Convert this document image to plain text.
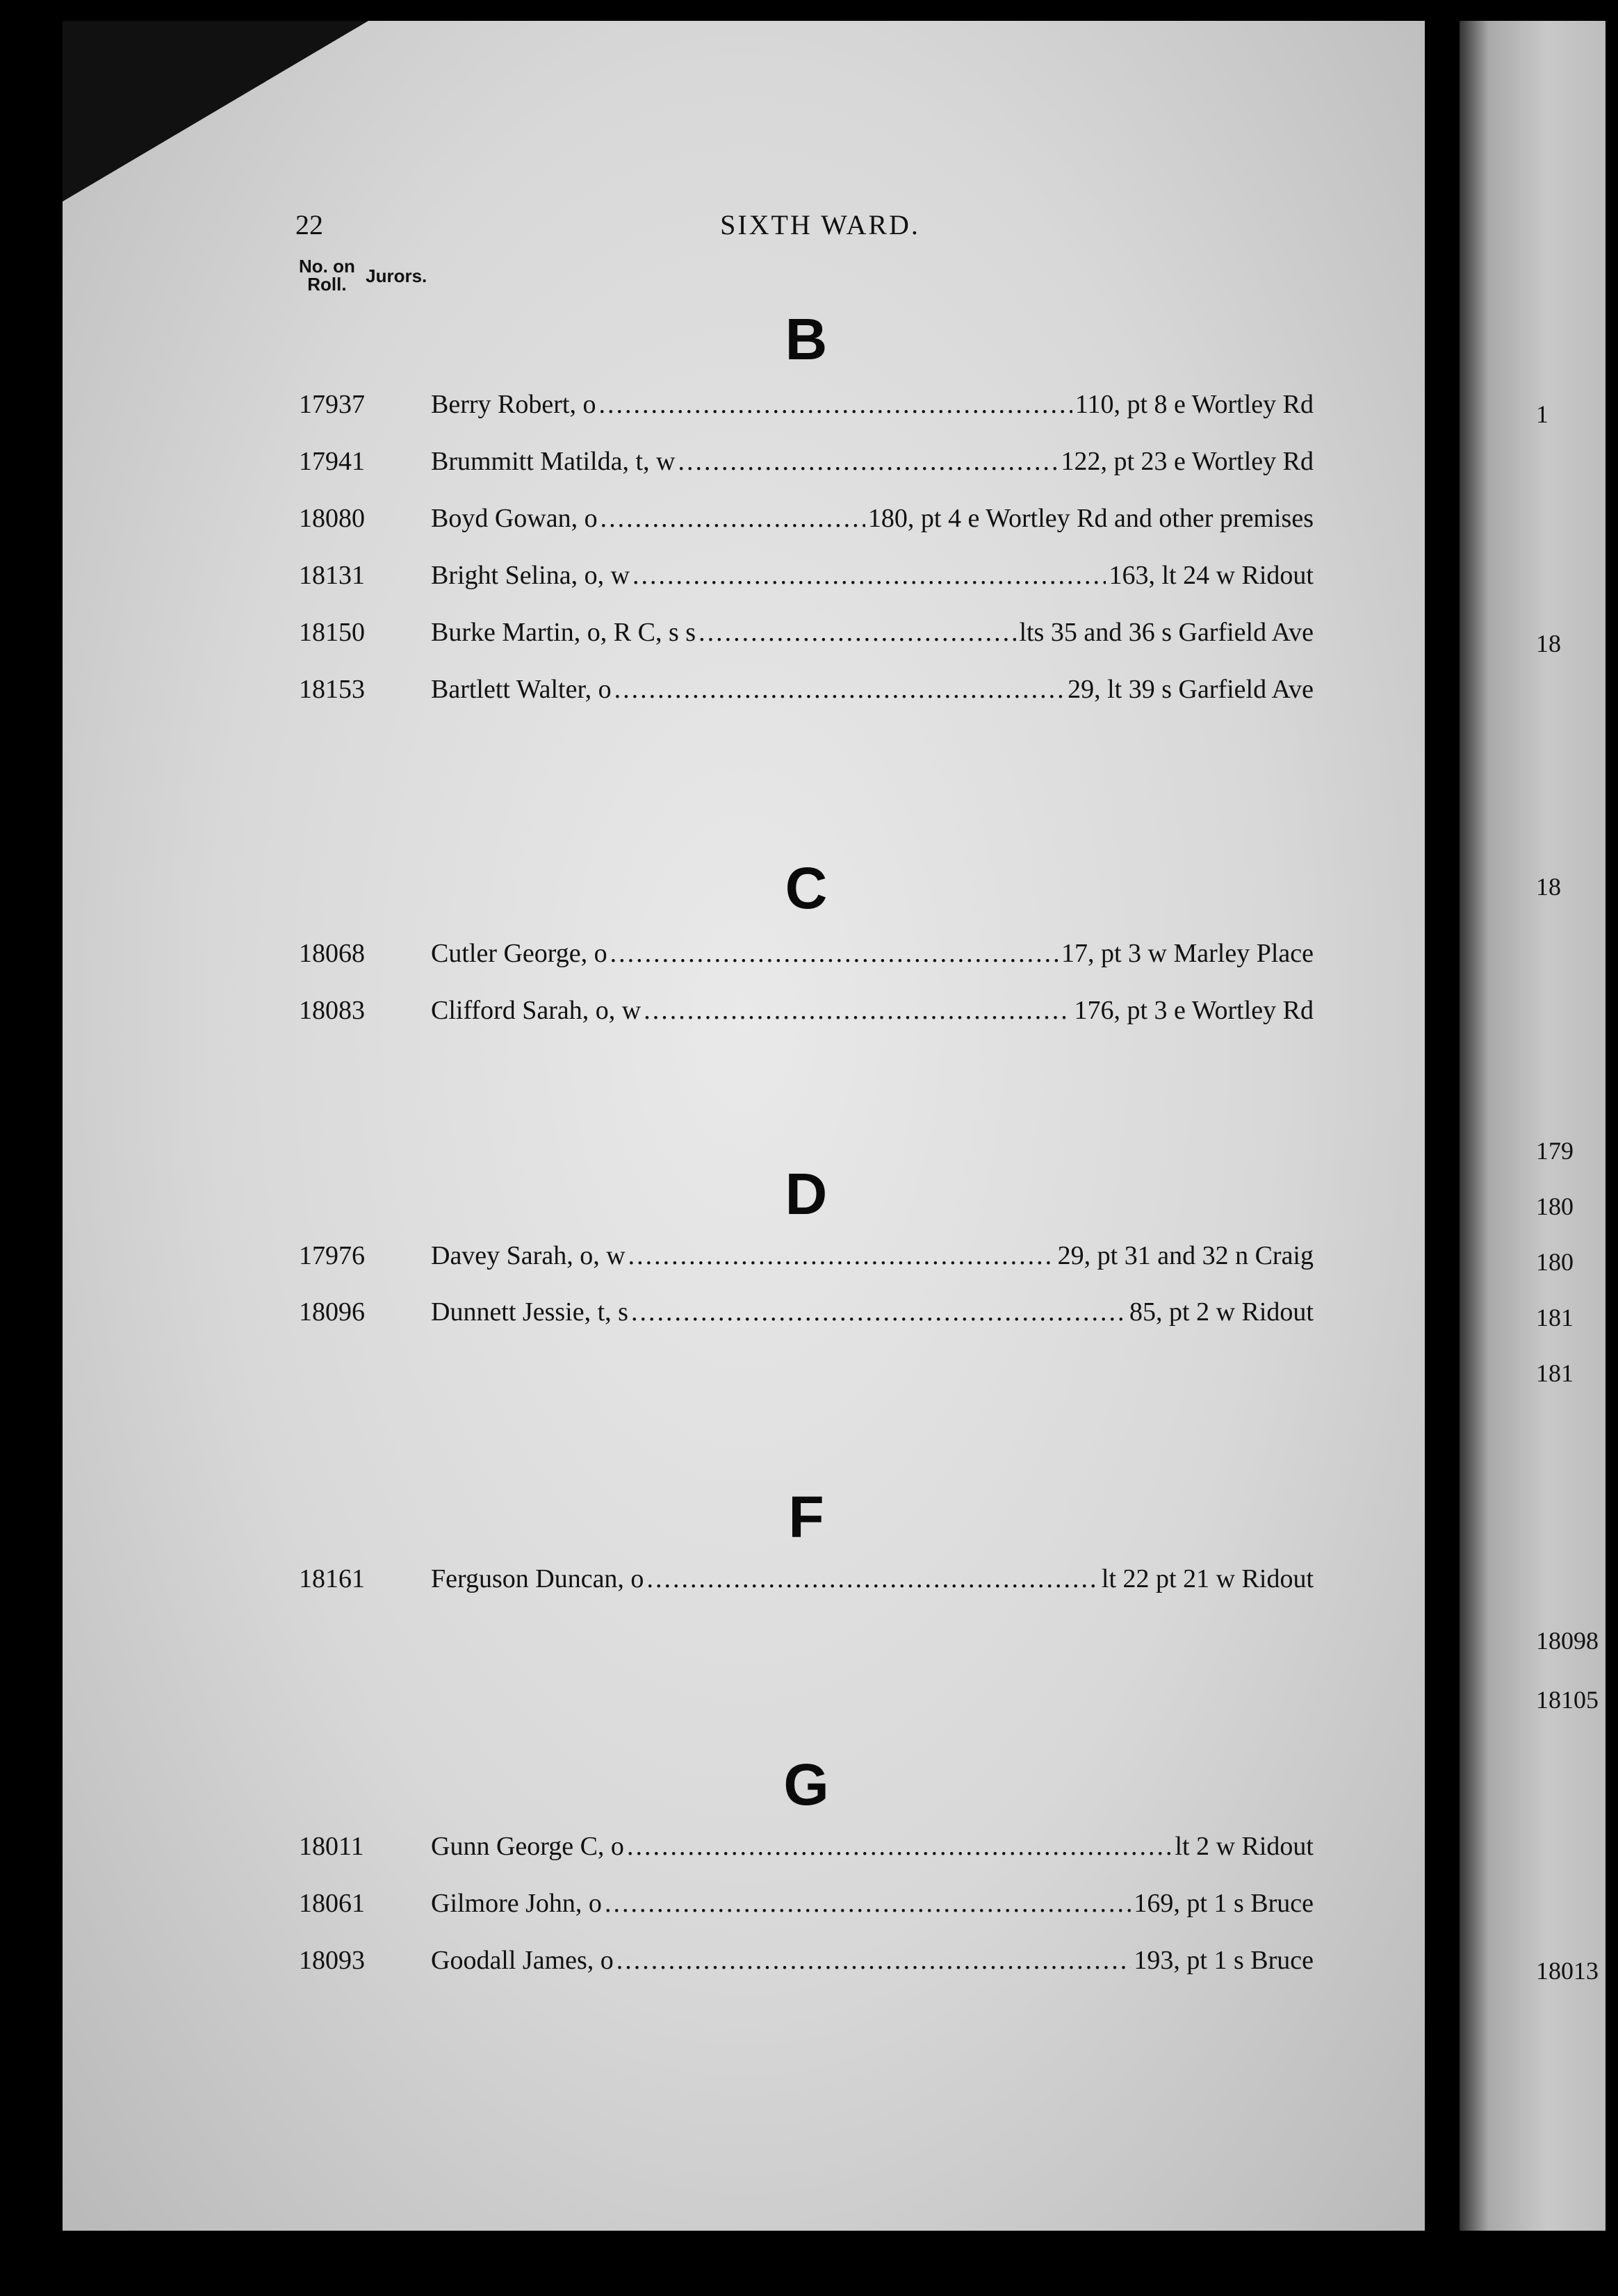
1
18
18
179
180
180
181
181
18098
18105
18013
22	SIXTH WARD.
No. on
Roll. Jurors.
B
17937	Berry Robert, o .....	110, pt 8 e Wortley Rd
17941	Brummitt Matilda, t, w .....	122, pt 23 e Wortley Rd
18080	Boyd Gowan, o .....	180, pt 4 e Wortley Rd and other premises
18131	Bright Selina, o, w .....	163, lt 24 w Ridout
18150	Burke Martin, o, R C, s s .....	lts 35 and 36 s Garfield Ave
18153	Bartlett Walter, o .....	29, lt 39 s Garfield Ave
C
18068	Cutler George, o .....	17, pt 3 w Marley Place
18083	Clifford Sarah, o, w .....	176, pt 3 e Wortley Rd
D
17976	Davey Sarah, o, w .....	29, pt 31 and 32 n Craig
18096	Dunnett Jessie, t, s .....	85, pt 2 w Ridout
F
18161	Ferguson Duncan, o .....	lt 22 pt 21 w Ridout
G
18011	Gunn George C, o .....	lt 2 w Ridout
18061	Gilmore John, o .....	169, pt 1 s Bruce
18093	Goodall James, o .....	193, pt 1 s Bruce
